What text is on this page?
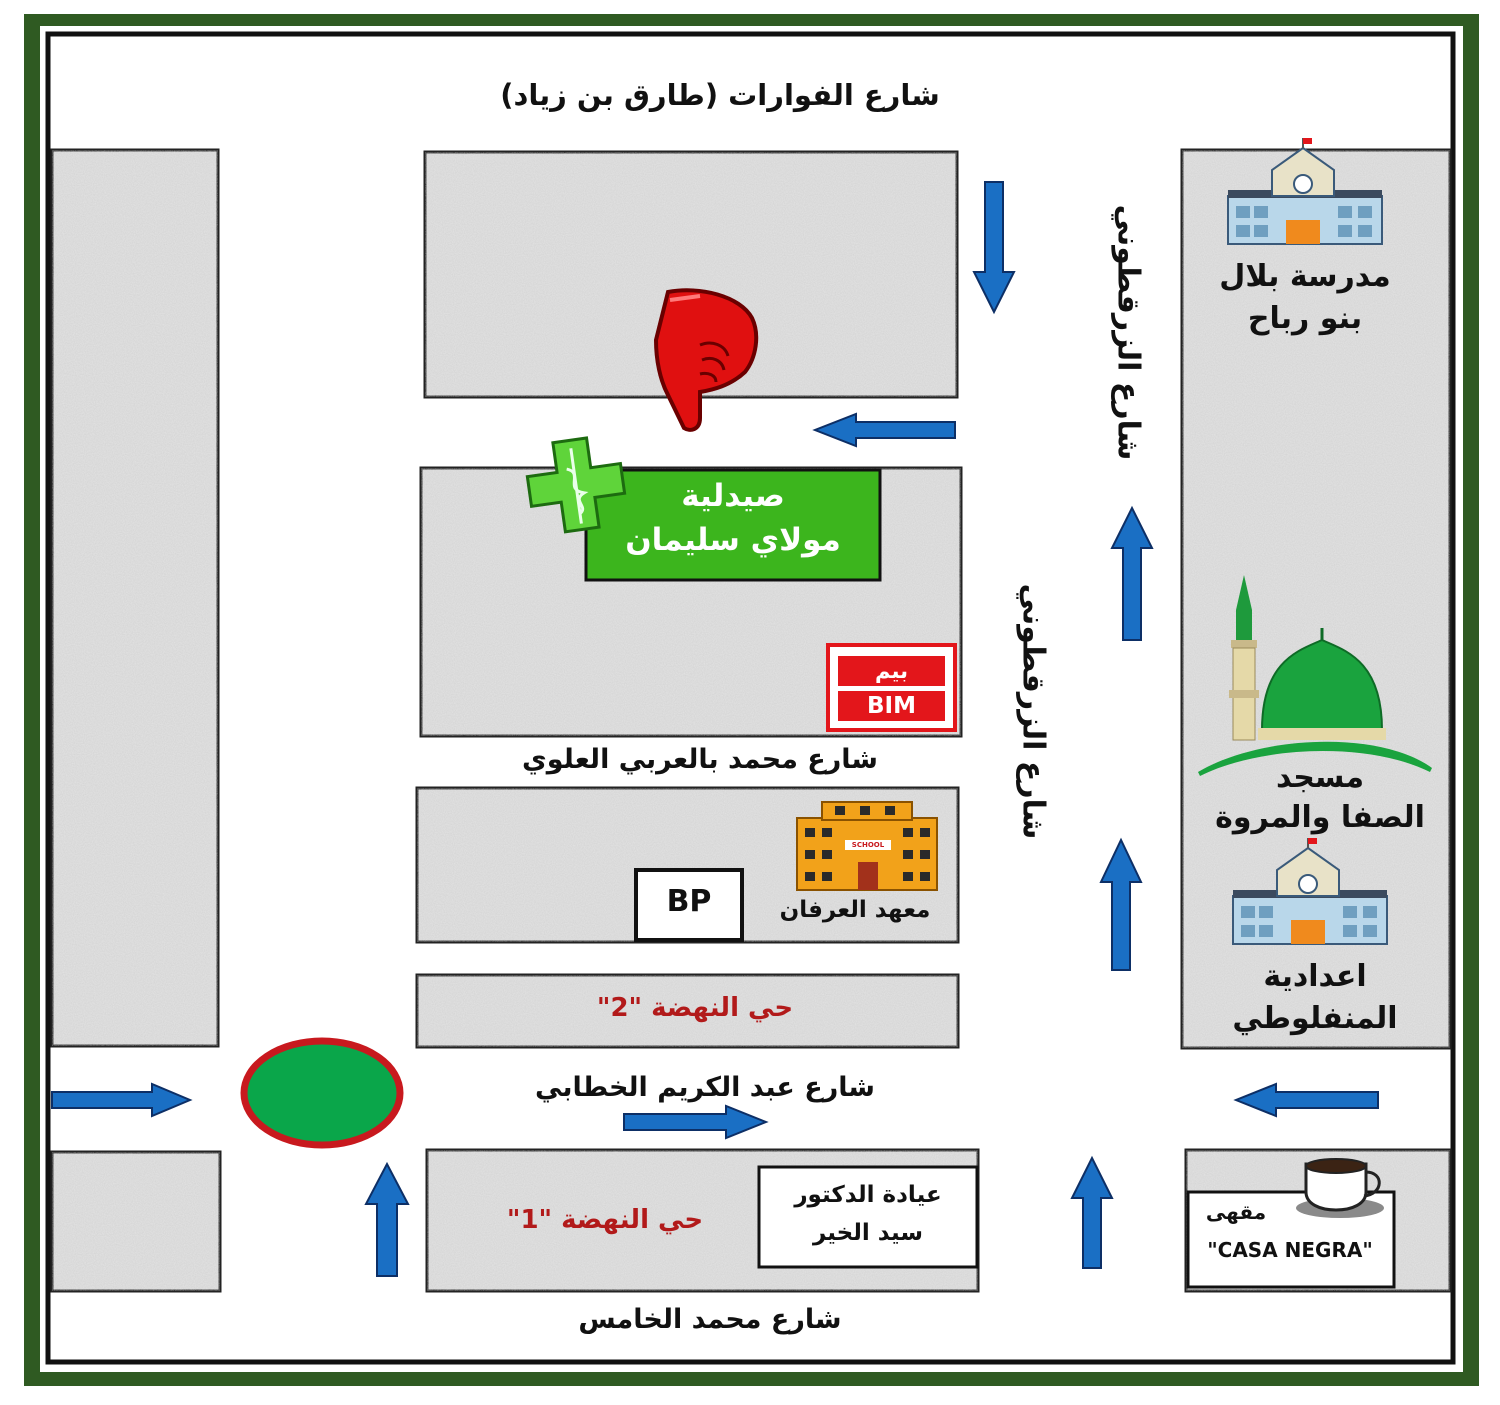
شارع الفوارات (طارق بن زياد)
شارع الزرقطوني
شارع الزرقطوني
شارع محمد بالعربي العلوي
شارع عبد الكريم الخطابي
شارع محمد الخامس
صيدلية
مولاي سليمان
بيم
BIM
BP
SCHOOL
معهد العرفان
حي النهضة "2"
حي النهضة "1"
عيادة الدكتور
سيد الخير
مدرسة بلال
بنو رباح
مسجد
الصفا والمروة
اعدادية
المنفلوطي
مقهى
"CASA NEGRA"
